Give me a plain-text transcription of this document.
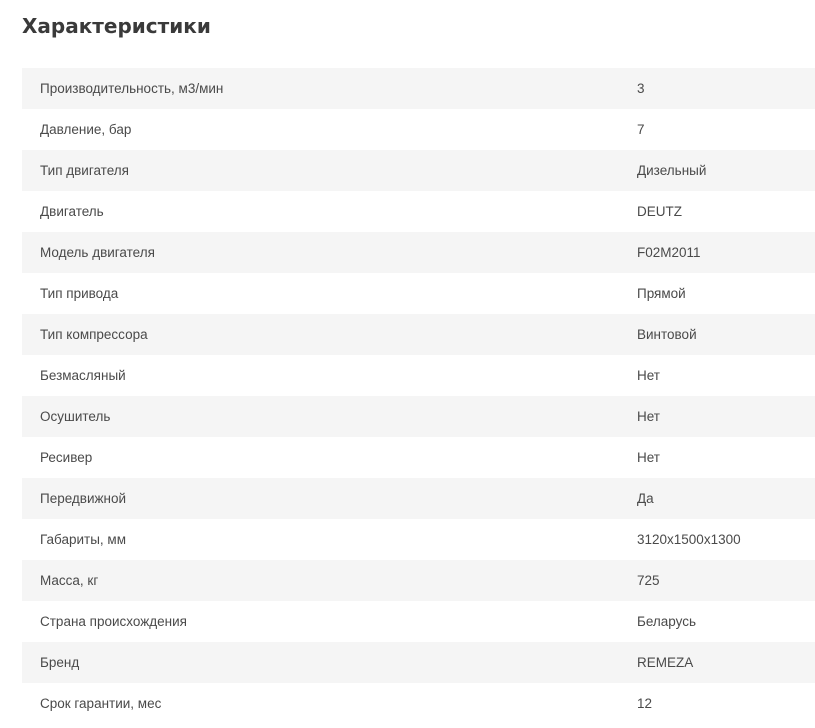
Характеристики
Производительность, м3/мин	3
Давление, бар	7
Тип двигателя	Дизельный
Двигатель	DEUTZ
Модель двигателя	F02M2011
Тип привода	Прямой
Тип компрессора	Винтовой
Безмасляный	Нет
Осушитель	Нет
Ресивер	Нет
Передвижной	Да
Габариты, мм	3120x1500x1300
Масса, кг	725
Страна происхождения	Беларусь
Бренд	REMEZA
Срок гарантии, мес	12
